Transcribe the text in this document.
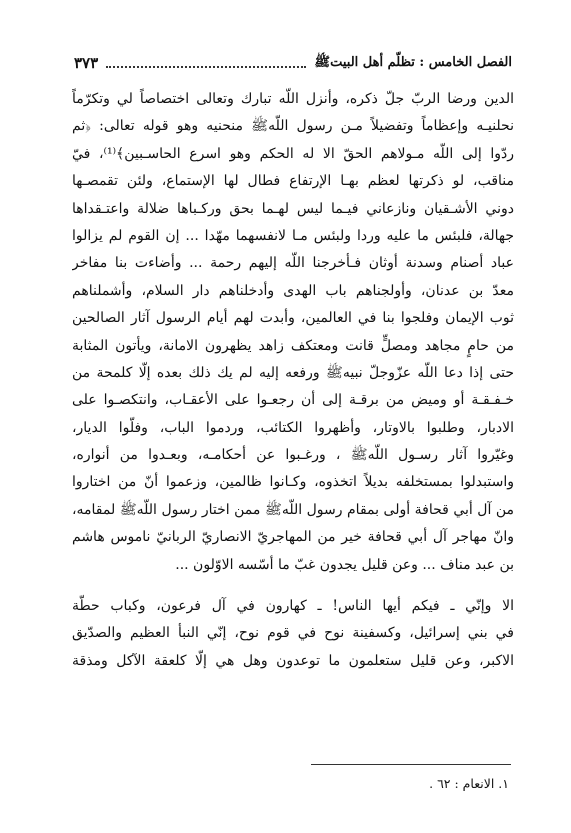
الفصل الخامس : تظلّم أهل البيتﷺ
٣٧٣
الدين ورضا الربّ جلّ ذكره، وأنزل اللّه تبارك وتعالى اختصاصاً لي وتكرّماً
نحلنيـه وإعظاماً وتفضيلاً مـن رسول اللّهﷺ منحنيه وهو قوله تعالى: ﴿ثم
ردّوا إلى اللّه مـولاهم الحقّ الا له الحكم وهو اسرع الحاسـبين﴾⁽¹⁾، فيّ
مناقب، لو ذكرتها لعظم بهـا الإرتفاع فطال لها الإستماع، ولئن تقمصـها
دوني الأشـقيان ونازعاني فيـما ليس لهـما بحق وركـباها ضلالة واعتـقداها
جهالة، فلبئس ما عليه وردا ولبئس مـا لانفسهما مهّدا ... إن القوم لم يزالوا
عباد أصنام وسدنة أوثان فـأخرجنا اللّه إليهم رحمة ... وأضاءت بنا مفاخر
معدّ بن عدنان، وأولجناهم باب الهدى وأدخلناهم دار السلام، وأشملناهم
ثوب الإيمان وفلجوا بنا في العالمين، وأبدت لهم أيام الرسول آثار الصالحين
من حامٍ مجاهد ومصلٍّ قانت ومعتكف زاهد يظهرون الامانة، ويأتون المثابة
حتى إذا دعا اللّه عزّوجلّ نبيهﷺ ورفعه إليه لم يك ذلك بعده إلّا كلمحة من
خـفـقـة أو وميض من برقـة إلى أن رجعـوا على الأعقـاب، وانتكصـوا على
الادبار، وطلبوا بالاوتار، وأظهروا الكتائب، وردموا الباب، وفلّوا الديار،
وغيّروا آثار رسـول اللّهﷺ ، ورغـبوا عن أحكامـه، وبعـدوا من أنواره،
واستبدلوا بمستخلفه بديلاً اتخذوه، وكـانوا ظالمين، وزعموا أنّ من اختاروا
من آل أبي قحافة أولى بمقام رسول اللّهﷺ ممن اختار رسول اللّهﷺ لمقامه،
وانّ مهاجر آل أبي قحافة خير من المهاجريّ الانصاريّ الربانيّ ناموس هاشم
بن عبد مناف ... وعن قليل يجدون غبّ ما أسّسه الاوّلون ...
الا وإنّي ـ فيكم أيها الناس! ـ كهارون في آل فرعون، وكباب حطّة
في بني إسرائيل، وكسفينة نوح في قوم نوح، إنّي النبأ العظيم والصدّيق
الاكبر، وعن قليل ستعلمون ما توعدون وهل هي إلّا كلعقة الآكل ومذقة
١. الانعام : ٦٢ .
